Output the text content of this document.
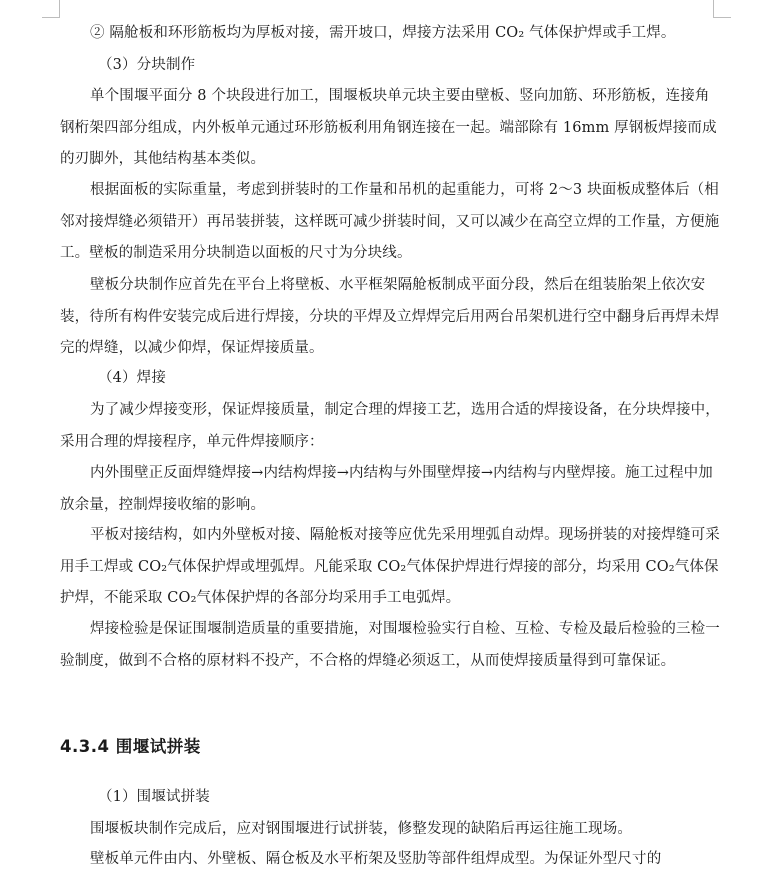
② 隔舱板和环形筋板均为厚板对接，需开坡口，焊接方法采用 CO₂ 气体保护焊或手工焊。

（3）分块制作

单个围堰平面分 8 个块段进行加工，围堰板块单元块主要由壁板、竖向加筋、环形筋板，连接角钢桁架四部分组成，内外板单元通过环形筋板利用角钢连接在一起。端部除有 16mm 厚钢板焊接而成的刃脚外，其他结构基本类似。

根据面板的实际重量，考虑到拼装时的工作量和吊机的起重能力，可将 2～3 块面板成整体后（相邻对接焊缝必须错开）再吊装拼装，这样既可减少拼装时间，又可以减少在高空立焊的工作量，方便施工。壁板的制造采用分块制造以面板的尺寸为分块线。

壁板分块制作应首先在平台上将壁板、水平框架隔舱板制成平面分段，然后在组装胎架上依次安装，待所有构件安装完成后进行焊接，分块的平焊及立焊焊完后用两台吊架机进行空中翻身后再焊未焊完的焊缝，以减少仰焊，保证焊接质量。

（4）焊接

为了减少焊接变形，保证焊接质量，制定合理的焊接工艺，选用合适的焊接设备，在分块焊接中，采用合理的焊接程序，单元件焊接顺序：

内外围壁正反面焊缝焊接→内结构焊接→内结构与外围壁焊接→内结构与内壁焊接。施工过程中加放余量，控制焊接收缩的影响。

平板对接结构，如内外壁板对接、隔舱板对接等应优先采用埋弧自动焊。现场拼装的对接焊缝可采用手工焊或 CO₂气体保护焊或埋弧焊。凡能采取 CO₂气体保护焊进行焊接的部分，均采用 CO₂气体保护焊，不能采取 CO₂气体保护焊的各部分均采用手工电弧焊。

焊接检验是保证围堰制造质量的重要措施，对围堰检验实行自检、互检、专检及最后检验的三检一验制度，做到不合格的原材料不投产，不合格的焊缝必须返工，从而使焊接质量得到可靠保证。

4.3.4 围堰试拼装

（1）围堰试拼装

围堰板块制作完成后，应对钢围堰进行试拼装，修整发现的缺陷后再运往施工现场。

壁板单元件由内、外壁板、隔仓板及水平桁架及竖肋等部件组焊成型。为保证外型尺寸的
